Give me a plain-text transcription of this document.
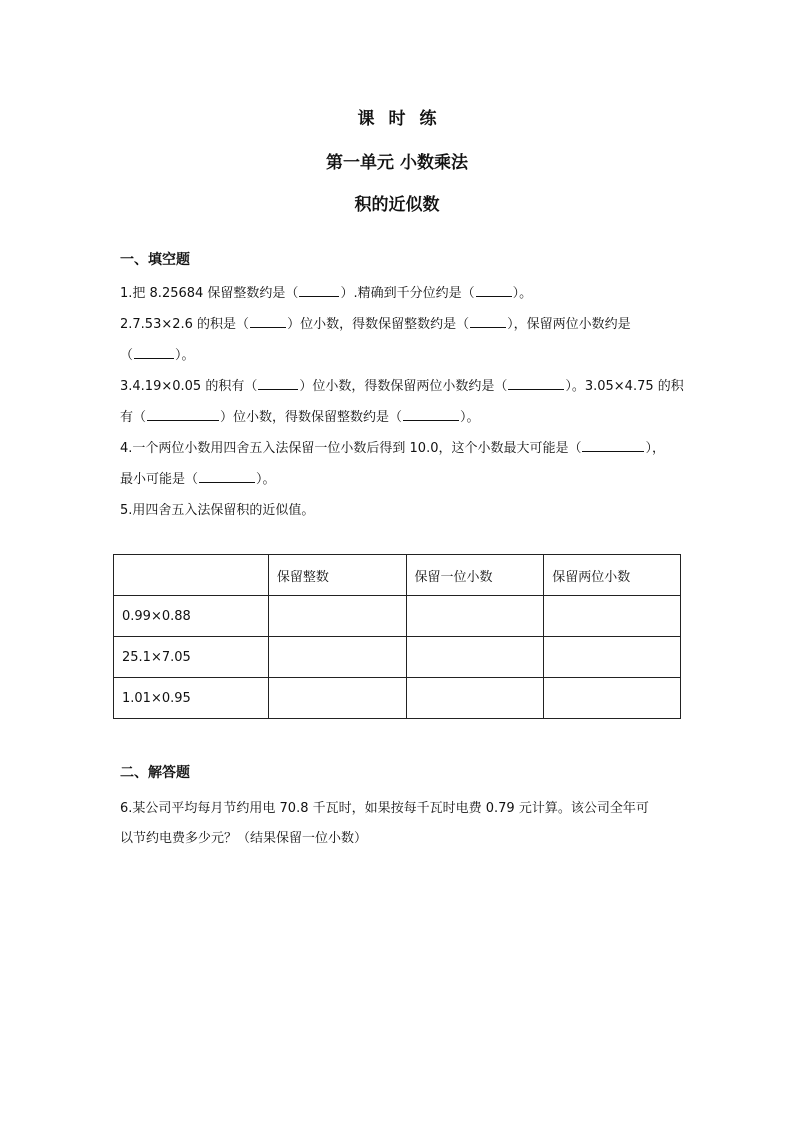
课时练
第一单元 小数乘法
积的近似数
一、填空题
1.把 8.25684 保留整数约是（	）.精确到千分位约是（	）。
2.7.53×2.6 的积是（	）位小数，得数保留整数约是（	），保留两位小数约是
（	）。
3.4.19×0.05 的积有（	）位小数，得数保留两位小数约是（	）。3.05×4.75 的积
有（	）位小数，得数保留整数约是（	）。
4.一个两位小数用四舍五入法保留一位小数后得到 10.0，这个小数最大可能是（	），
最小可能是（	）。
5.用四舍五入法保留积的近似值。
	保留整数	保留一位小数	保留两位小数
0.99×0.88			
25.1×7.05			
1.01×0.95			
二、解答题
6.某公司平均每月节约用电 70.8 千瓦时，如果按每千瓦时电费 0.79 元计算。该公司全年可
以节约电费多少元？（结果保留一位小数）
